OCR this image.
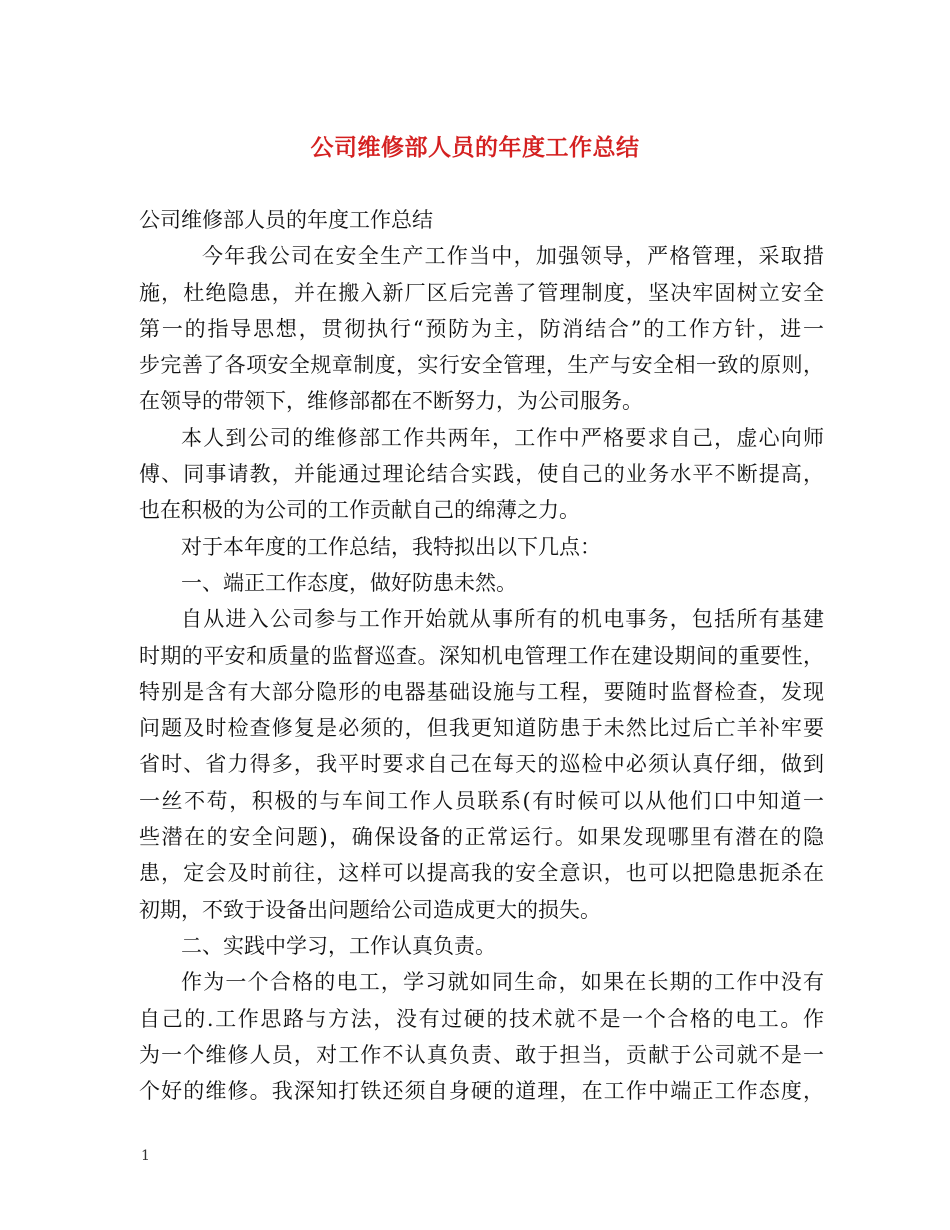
公司维修部人员的年度工作总结
公司维修部人员的年度工作总结
今年我公司在安全生产工作当中，加强领导，严格管理，采取措
施，杜绝隐患，并在搬入新厂区后完善了管理制度，坚决牢固树立安全
第一的指导思想，贯彻执行“预防为主，防消结合”的工作方针，进一
步完善了各项安全规章制度，实行安全管理，生产与安全相一致的原则，
在领导的带领下，维修部都在不断努力，为公司服务。
本人到公司的维修部工作共两年，工作中严格要求自己，虚心向师
傅、同事请教，并能通过理论结合实践，使自己的业务水平不断提高，
也在积极的为公司的工作贡献自己的绵薄之力。
对于本年度的工作总结，我特拟出以下几点：
一、端正工作态度，做好防患未然。
自从进入公司参与工作开始就从事所有的机电事务，包括所有基建
时期的平安和质量的监督巡查。深知机电管理工作在建设期间的重要性，
特别是含有大部分隐形的电器基础设施与工程，要随时监督检查，发现
问题及时检查修复是必须的，但我更知道防患于未然比过后亡羊补牢要
省时、省力得多，我平时要求自己在每天的巡检中必须认真仔细，做到
一丝不苟，积极的与车间工作人员联系(有时候可以从他们口中知道一
些潜在的安全问题)，确保设备的正常运行。如果发现哪里有潜在的隐
患，定会及时前往，这样可以提高我的安全意识，也可以把隐患扼杀在
初期，不致于设备出问题给公司造成更大的损失。
二、实践中学习，工作认真负责。
作为一个合格的电工，学习就如同生命，如果在长期的工作中没有
自己的.工作思路与方法，没有过硬的技术就不是一个合格的电工。作
为一个维修人员，对工作不认真负责、敢于担当，贡献于公司就不是一
个好的维修。我深知打铁还须自身硬的道理，在工作中端正工作态度，
1
